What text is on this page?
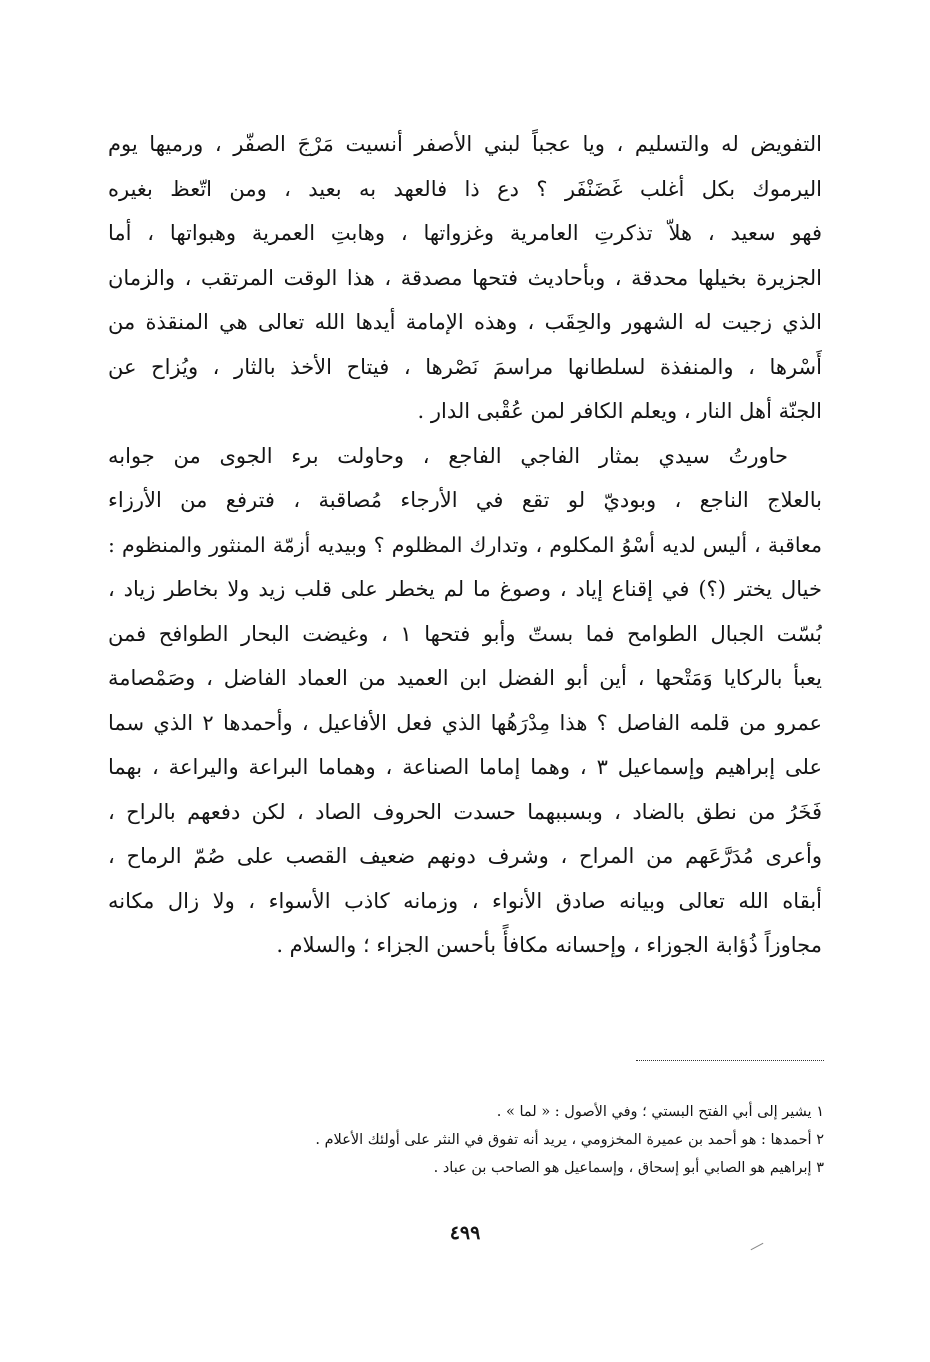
التفويض له والتسليم ، ويا عجباً لبني الأصفر أنسيت مَرْجَ الصفّر ، ورميها يوم
اليرموك بكل أغلب غَضَنْفَر ؟ دع ذا فالعهد به بعيد ، ومن اتّعظ بغيره
فهو سعيد ، هلاّ تذكرتِ العامرية وغزواتها ، وهابتِ العمرية وهبواتها ، أما
الجزيرة بخيلها محدقة ، وبأحاديث فتحها مصدقة ، هذا الوقت المرتقب ، والزمان
الذي زجيت له الشهور والحِقَب ، وهذه الإمامة أيدها الله تعالى هي المنقذة من
أَسْرها ، والمنفذة لسلطانها مراسمَ نَصْرها ، فيتاح الأخذ بالثار ، ويُزاح عن
الجنّة أهل النار ، ويعلم الكافر لمن عُقْبى الدار .
حاورتُ سيدي بمثار الفاجي الفاجع ، وحاولت برء الجوى من جوابه
بالعلاج الناجع ، وبوديّ لو تقع في الأرجاء مُصاقبة ، فترفع من الأرزاء
معاقبة ، أليس لديه أسْوُ المكلوم ، وتدارك المظلوم ؟ وبيديه أزمّة المنثور والمنظوم :
خيال يختر (؟) في إقناع إياد ، وصوغ ما لم يخطر على قلب زيد ولا بخاطر زياد ،
بُسّت الجبال الطوامح فما بستّ وأبو فتحها ١ ، وغيضت البحار الطوافح فمن
يعبأ بالركايا وَمَتْحها ، أين أبو الفضل ابن العميد من العماد الفاضل ، وصَمْصامة
عمرو من قلمه الفاصل ؟ هذا مِدْرَهُها الذي فعل الأفاعيل ، وأحمدها ٢ الذي سما
على إبراهيم وإسماعيل ٣ ، وهما إماما الصناعة ، وهماما البراعة واليراعة ، بهما
فَخَرُ من نطق بالضاد ، وبسببهما حسدت الحروف الصاد ، لكن دفعهم بالراح ،
وأعرى مُدَرَّعَهم من المراح ، وشرف دونهم ضعيف القصب على صُمّ الرماح ،
أبقاه الله تعالى وبيانه صادق الأنواء ، وزمانه كاذب الأسواء ، ولا زال مكانه
مجاوزاً ذُؤابة الجوزاء ، وإحسانه مكافأً بأحسن الجزاء ؛ والسلام .
١ يشير إلى أبي الفتح البستي ؛ وفي الأصول : « لما » .
٢ أحمدها : هو أحمد بن عميرة المخزومي ، يريد أنه تفوق في النثر على أولئك الأعلام .
٣ إبراهيم هو الصابي أبو إسحاق ، وإسماعيل هو الصاحب بن عباد .
٤٩٩
